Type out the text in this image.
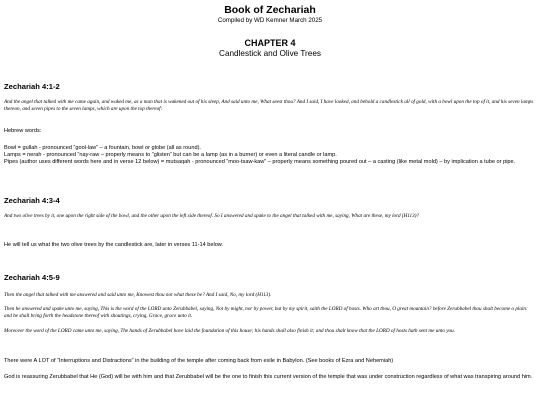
Book of Zechariah
Compiled by WD Kemner March 2025
CHAPTER 4
Candlestick and Olive Trees
Zechariah 4:1-2
And the angel that talked with me came again, and waked me, as a man that is wakened out of his sleep, And said unto me, What seest thou? And I said, I have looked, and behold a candlestick all of gold, with a bowl upon the top of it, and his seven lamps thereon, and seven pipes to the seven lamps, which are upon the top thereof:
Hebrew words:
Bowl = gullah - pronounced “gool-law” – a fountain, bowl or globe (all as round).
Lamps = nerah - pronounced “nay-raw – properly means to “glisten” but can be a lamp (as in a burner) or even a literal candle or lamp.
Pipes (author uses different words here and in verse 12 below) = mutsaqah - pronounced “moo-tsaw-kaw” – properly means something poured out – a casting (like metal mold) – by implication a tube or pipe.
Zechariah 4:3-4
And two olive trees by it, one upon the right side of the bowl, and the other upon the left side thereof. So I answered and spake to the angel that talked with me, saying, What are these, my lord (H113)?
He will tell us what the two olive trees by the candlestick are, later in verses 11-14 below.
Zechariah 4:5-9
Then the angel that talked with me answered and said unto me, Knowest thou not what these be? And I said, No, my lord (H113).
Then he answered and spake unto me, saying, This is the word of the LORD unto Zerubbabel, saying, Not by might, nor by power, but by my spirit, saith the LORD of hosts. Who art thou, O great mountain? before Zerubbabel thou shalt become a plain: and he shall bring forth the headstone thereof with shoutings, crying, Grace, grace unto it.
Moreover the word of the LORD came unto me, saying, The hands of Zerubbabel have laid the foundation of this house; his hands shall also finish it; and thou shalt know that the LORD of hosts hath sent me unto you.
There were A LOT of “Interruptions and Distractions” in the building of the temple after coming back from exile in Babylon. (See books of Ezra and Nehemiah)
God is reassuring Zerubbabel that He (God) will be with him and that Zerubbabel will be the one to finish this current version of the temple that was under construction regardless of what was transpiring around him.
